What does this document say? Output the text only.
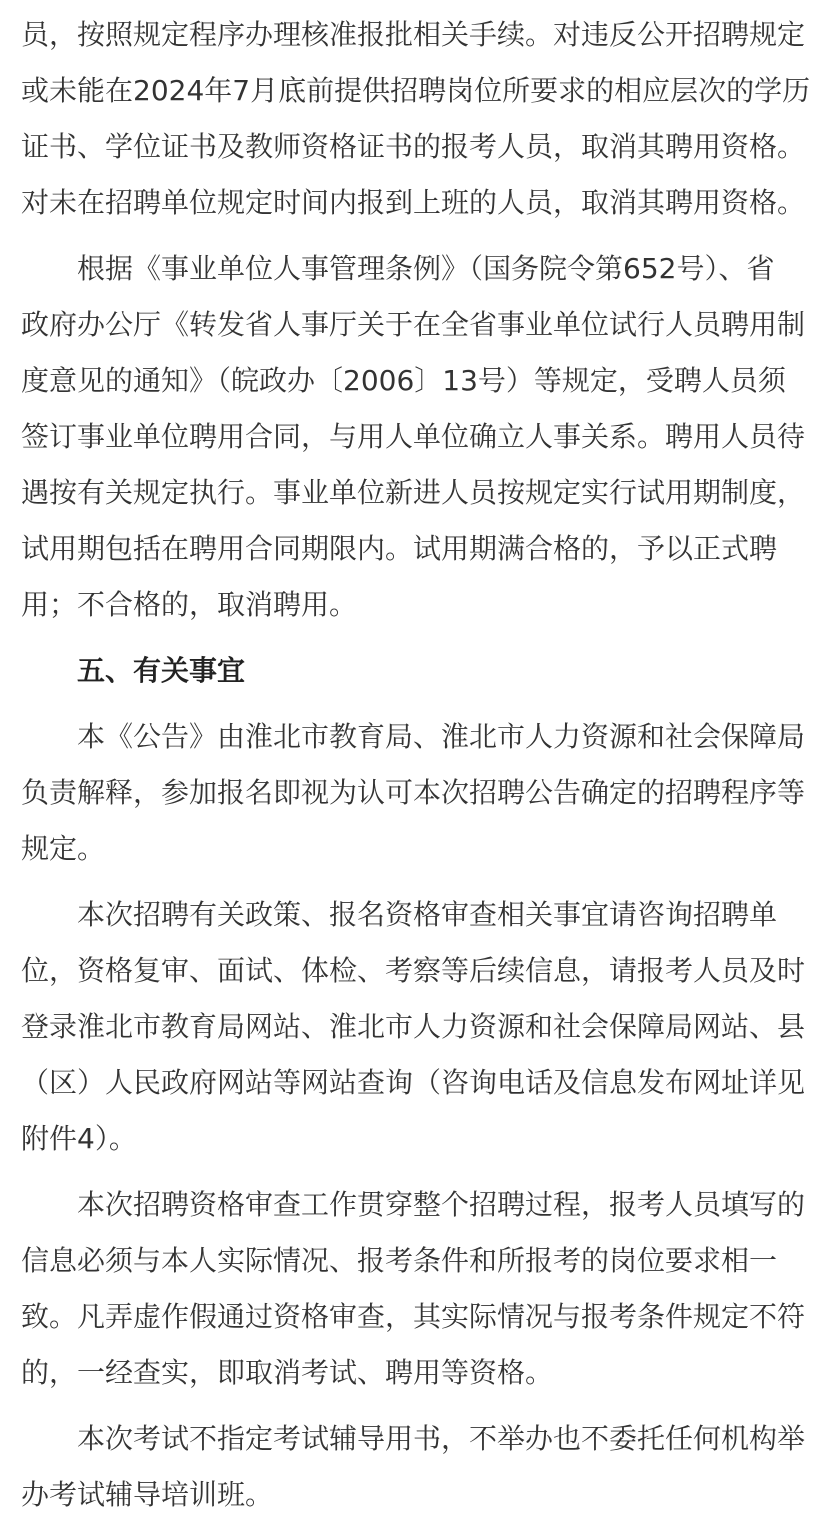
员，按照规定程序办理核准报批相关手续。对违反公开招聘规定
或未能在2024年7月底前提供招聘岗位所要求的相应层次的学历
证书、学位证书及教师资格证书的报考人员，取消其聘用资格。
对未在招聘单位规定时间内报到上班的人员，取消其聘用资格。
根据《事业单位人事管理条例》（国务院令第652号）、省
政府办公厅《转发省人事厅关于在全省事业单位试行人员聘用制
度意见的通知》（皖政办〔2006〕13号）等规定，受聘人员须
签订事业单位聘用合同，与用人单位确立人事关系。聘用人员待
遇按有关规定执行。事业单位新进人员按规定实行试用期制度，
试用期包括在聘用合同期限内。试用期满合格的，予以正式聘
用；不合格的，取消聘用。
五、有关事宜
本《公告》由淮北市教育局、淮北市人力资源和社会保障局
负责解释，参加报名即视为认可本次招聘公告确定的招聘程序等
规定。
本次招聘有关政策、报名资格审查相关事宜请咨询招聘单
位，资格复审、面试、体检、考察等后续信息，请报考人员及时
登录淮北市教育局网站、淮北市人力资源和社会保障局网站、县
（区）人民政府网站等网站查询（咨询电话及信息发布网址详见
附件4）。
本次招聘资格审查工作贯穿整个招聘过程，报考人员填写的
信息必须与本人实际情况、报考条件和所报考的岗位要求相一
致。凡弄虚作假通过资格审查，其实际情况与报考条件规定不符
的，一经查实，即取消考试、聘用等资格。
本次考试不指定考试辅导用书，不举办也不委托任何机构举
办考试辅导培训班。
